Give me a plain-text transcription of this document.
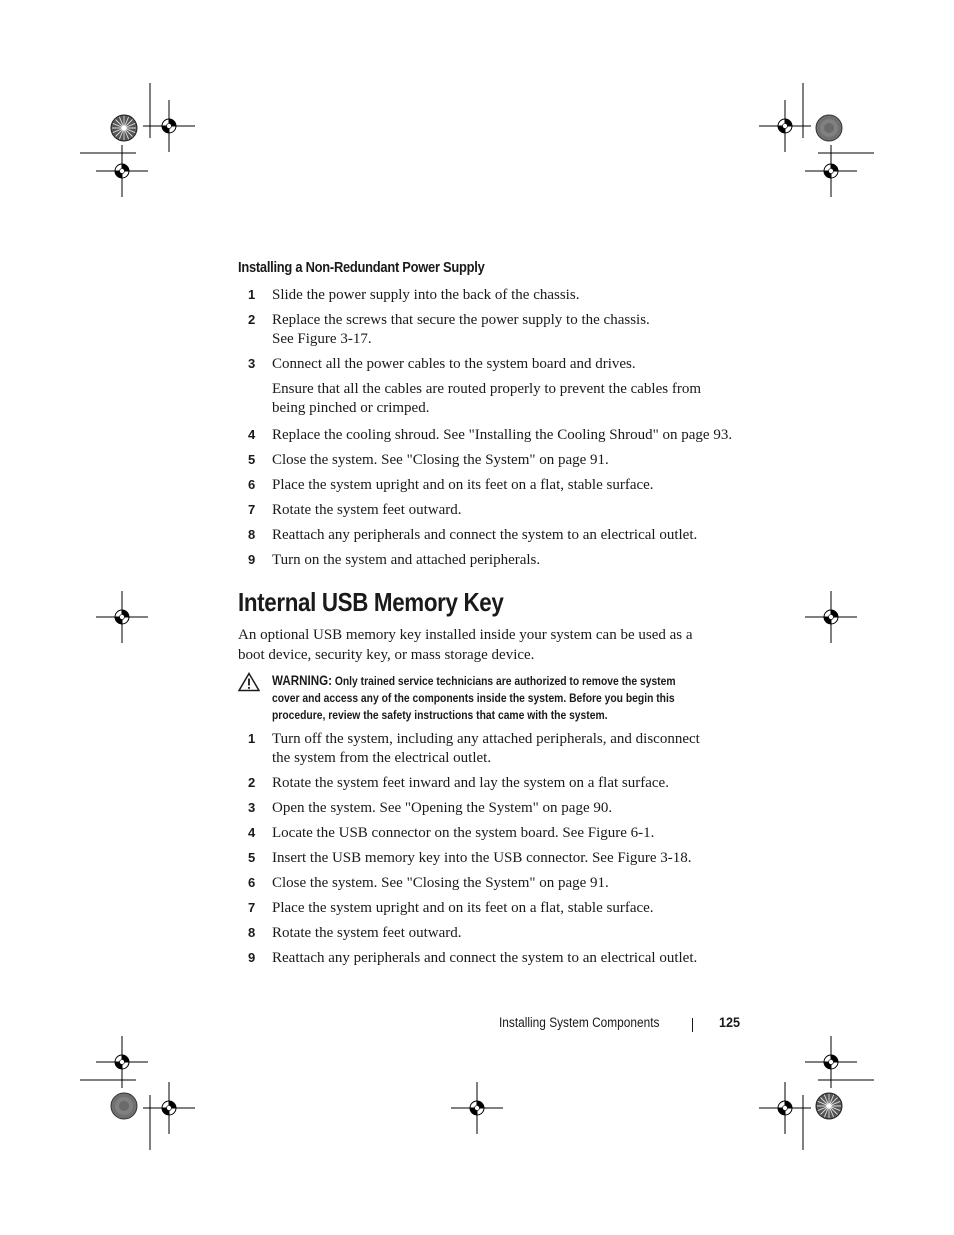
Installing a Non-Redundant Power Supply
1 Slide the power supply into the back of the chassis.
2 Replace the screws that secure the power supply to the chassis.
See Figure 3-17.
3 Connect all the power cables to the system board and drives.
Ensure that all the cables are routed properly to prevent the cables from
being pinched or crimped.
4 Replace the cooling shroud. See "Installing the Cooling Shroud" on page 93.
5 Close the system. See "Closing the System" on page 91.
6 Place the system upright and on its feet on a flat, stable surface.
7 Rotate the system feet outward.
8 Reattach any peripherals and connect the system to an electrical outlet.
9 Turn on the system and attached peripherals.
Internal USB Memory Key
An optional USB memory key installed inside your system can be used as a
boot device, security key, or mass storage device.
WARNING: Only trained service technicians are authorized to remove the system
cover and access any of the components inside the system. Before you begin this
procedure, review the safety instructions that came with the system.
1 Turn off the system, including any attached peripherals, and disconnect
the system from the electrical outlet.
2 Rotate the system feet inward and lay the system on a flat surface.
3 Open the system. See "Opening the System" on page 90.
4 Locate the USB connector on the system board. See Figure 6-1.
5 Insert the USB memory key into the USB connector. See Figure 3-18.
6 Close the system. See "Closing the System" on page 91.
7 Place the system upright and on its feet on a flat, stable surface.
8 Rotate the system feet outward.
9 Reattach any peripherals and connect the system to an electrical outlet.
Installing System Components	125
